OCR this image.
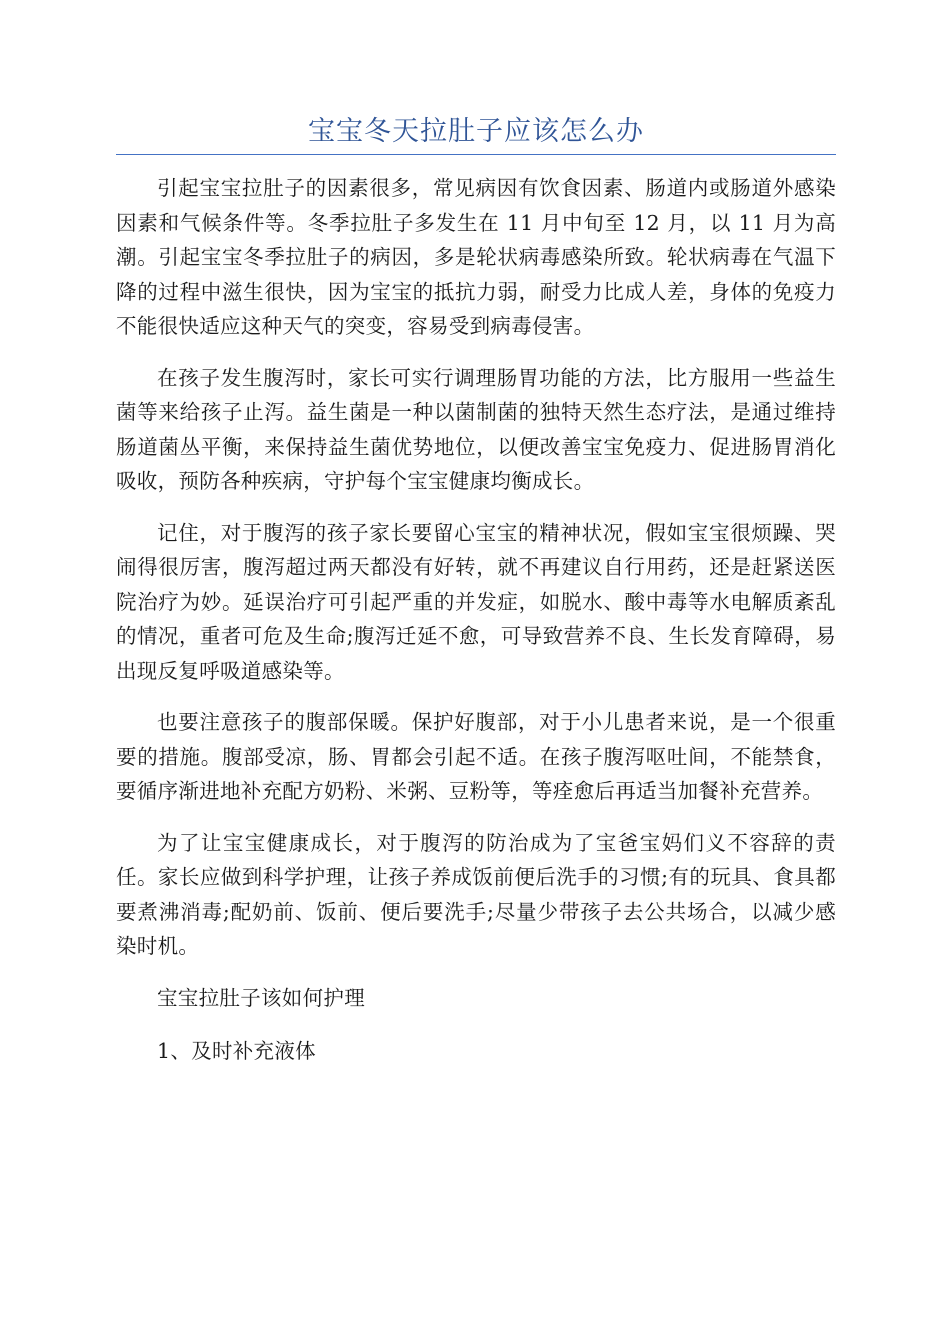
宝宝冬天拉肚子应该怎么办

引起宝宝拉肚子的因素很多，常见病因有饮食因素、肠道内或肠道外感染因素和气候条件等。冬季拉肚子多发生在 11 月中旬至 12 月，以 11 月为高潮。引起宝宝冬季拉肚子的病因，多是轮状病毒感染所致。轮状病毒在气温下降的过程中滋生很快，因为宝宝的抵抗力弱，耐受力比成人差，身体的免疫力不能很快适应这种天气的突变，容易受到病毒侵害。

在孩子发生腹泻时，家长可实行调理肠胃功能的方法，比方服用一些益生菌等来给孩子止泻。益生菌是一种以菌制菌的独特天然生态疗法，是通过维持肠道菌丛平衡，来保持益生菌优势地位，以便改善宝宝免疫力、促进肠胃消化吸收，预防各种疾病，守护每个宝宝健康均衡成长。

记住，对于腹泻的孩子家长要留心宝宝的精神状况，假如宝宝很烦躁、哭闹得很厉害，腹泻超过两天都没有好转，就不再建议自行用药，还是赶紧送医院治疗为妙。延误治疗可引起严重的并发症，如脱水、酸中毒等水电解质紊乱的情况，重者可危及生命;腹泻迁延不愈，可导致营养不良、生长发育障碍，易出现反复呼吸道感染等。

也要注意孩子的腹部保暖。保护好腹部，对于小儿患者来说，是一个很重要的措施。腹部受凉，肠、胃都会引起不适。在孩子腹泻呕吐间，不能禁食，要循序渐进地补充配方奶粉、米粥、豆粉等，等痊愈后再适当加餐补充营养。

为了让宝宝健康成长，对于腹泻的防治成为了宝爸宝妈们义不容辞的责任。家长应做到科学护理，让孩子养成饭前便后洗手的习惯;有的玩具、食具都要煮沸消毒;配奶前、饭前、便后要洗手;尽量少带孩子去公共场合，以减少感染时机。

宝宝拉肚子该如何护理

1、及时补充液体
